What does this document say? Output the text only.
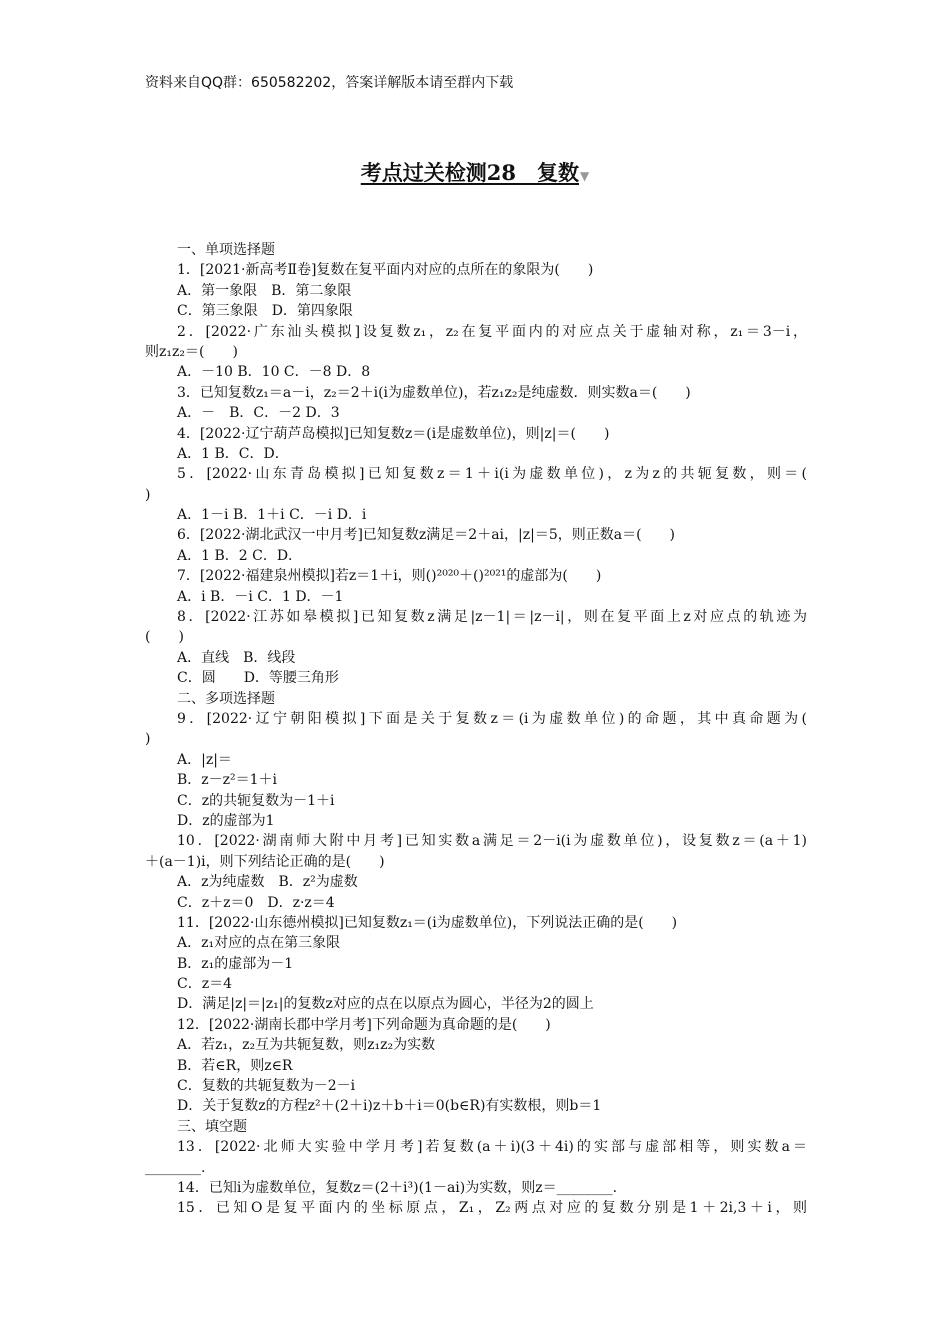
资料来自QQ群：650582202，答案详解版本请至群内下载
考点过关检测28　复数▼
一、单项选择题
1．[2021·新高考Ⅱ卷]复数在复平面内对应的点所在的象限为(　　)
A．第一象限　B．第二象限
C．第三象限　D．第四象限
2．[2022·广东汕头模拟]设复数z₁，z₂在复平面内的对应点关于虚轴对称，z₁＝3－i，
则z₁z₂＝(　　)
A．－10 B．10 C．－8 D．8
3．已知复数z₁＝a－i，z₂＝2＋i(i为虚数单位)，若z₁z₂是纯虚数．则实数a＝(　　)
A．－　B．C．－2 D．3
4．[2022·辽宁葫芦岛模拟]已知复数z＝(i是虚数单位)，则|z|＝(　　)
A．1 B．C．D．
5．[2022·山东青岛模拟]已知复数z＝1＋i(i为虚数单位)，z为z的共轭复数，则＝(
)
A．1－i B．1＋i C．－i D．i
6．[2022·湖北武汉一中月考]已知复数z满足＝2＋ai，|z|＝5，则正数a＝(　　)
A．1 B．2 C．D．
7．[2022·福建泉州模拟]若z＝1＋i，则()²⁰²⁰＋()²⁰²¹的虚部为(　　)
A．i B．－i C．1 D．－1
8．[2022·江苏如皋模拟]已知复数z满足|z－1|＝|z－i|，则在复平面上z对应点的轨迹为
(　　)
A．直线　B．线段
C．圆　　D．等腰三角形
二、多项选择题
9．[2022·辽宁朝阳模拟]下面是关于复数z＝(i为虚数单位)的命题，其中真命题为(
)
A．|z|＝
B．z－z²＝1＋i
C．z的共轭复数为－1＋i
D．z的虚部为1
10．[2022·湖南师大附中月考]已知实数a满足＝2－i(i为虚数单位)，设复数z＝(a＋1)
＋(a－1)i，则下列结论正确的是(　　)
A．z为纯虚数　B．z²为虚数
C．z＋z＝0　D．z·z＝4
11．[2022·山东德州模拟]已知复数z₁＝(i为虚数单位)，下列说法正确的是(　　)
A．z₁对应的点在第三象限
B．z₁的虚部为－1
C．z＝4
D．满足|z|＝|z₁|的复数z对应的点在以原点为圆心，半径为2的圆上
12．[2022·湖南长郡中学月考]下列命题为真命题的是(　　)
A．若z₁，z₂互为共轭复数，则z₁z₂为实数
B．若∈R，则z∈R
C．复数的共轭复数为－2－i
D．关于复数z的方程z²＋(2＋i)z＋b＋i＝0(b∈R)有实数根，则b＝1
三、填空题
13．[2022·北师大实验中学月考]若复数(a＋i)(3＋4i)的实部与虚部相等，则实数a＝
________.
14．已知i为虚数单位，复数z＝(2＋i³)(1－ai)为实数，则z＝________.
15．已知O是复平面内的坐标原点，Z₁，Z₂两点对应的复数分别是1＋2i,3＋i，则
